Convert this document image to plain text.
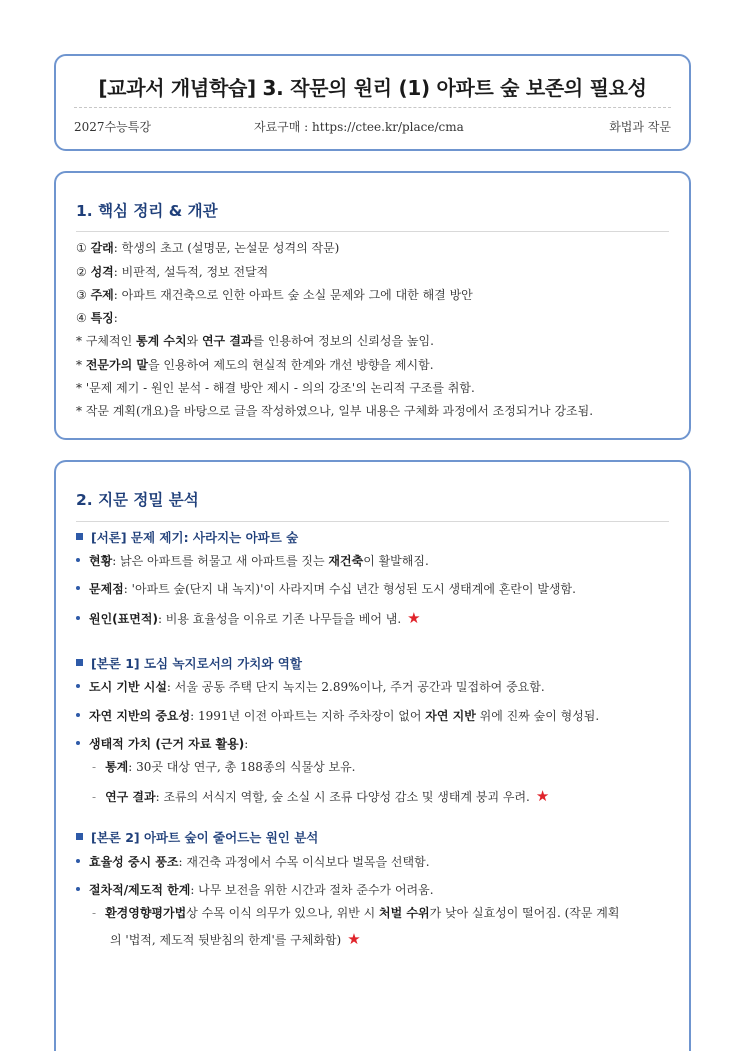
[교과서 개념학습] 3. 작문의 원리 (1) 아파트 숲 보존의 필요성
2027수능특강	자료구매 : https://ctee.kr/place/cma	화법과 작문
1. 핵심 정리 & 개관
① 갈래: 학생의 초고 (설명문, 논설문 성격의 작문)
② 성격: 비판적, 설득적, 정보 전달적
③ 주제: 아파트 재건축으로 인한 아파트 숲 소실 문제와 그에 대한 해결 방안
④ 특징:
* 구체적인 통계 수치와 연구 결과를 인용하여 정보의 신뢰성을 높임.
* 전문가의 말을 인용하여 제도의 현실적 한계와 개선 방향을 제시함.
* '문제 제기 - 원인 분석 - 해결 방안 제시 - 의의 강조'의 논리적 구조를 취함.
* 작문 계획(개요)을 바탕으로 글을 작성하였으나, 일부 내용은 구체화 과정에서 조정되거나 강조됨.
2. 지문 정밀 분석
[서론] 문제 제기: 사라지는 아파트 숲
현황: 낡은 아파트를 허물고 새 아파트를 짓는 재건축이 활발해짐.
문제점: '아파트 숲(단지 내 녹지)'이 사라지며 수십 년간 형성된 도시 생태계에 혼란이 발생함.
원인(표면적): 비용 효율성을 이유로 기존 나무들을 베어 냄. ★
[본론 1] 도심 녹지로서의 가치와 역할
도시 기반 시설: 서울 공동 주택 단지 녹지는 2.89%이나, 주거 공간과 밀접하여 중요함.
자연 지반의 중요성: 1991년 이전 아파트는 지하 주차장이 없어 자연 지반 위에 진짜 숲이 형성됨.
생태적 가치 (근거 자료 활용):
- 통계: 30곳 대상 연구, 총 188종의 식물상 보유.
- 연구 결과: 조류의 서식지 역할, 숲 소실 시 조류 다양성 감소 및 생태계 붕괴 우려. ★
[본론 2] 아파트 숲이 줄어드는 원인 분석
효율성 중시 풍조: 재건축 과정에서 수목 이식보다 벌목을 선택함.
절차적/제도적 한계: 나무 보전을 위한 시간과 절차 준수가 어려움.
- 환경영향평가법상 수목 이식 의무가 있으나, 위반 시 처벌 수위가 낮아 실효성이 떨어짐. (작문 계획
의 '법적, 제도적 뒷받침의 한계'를 구체화함) ★
